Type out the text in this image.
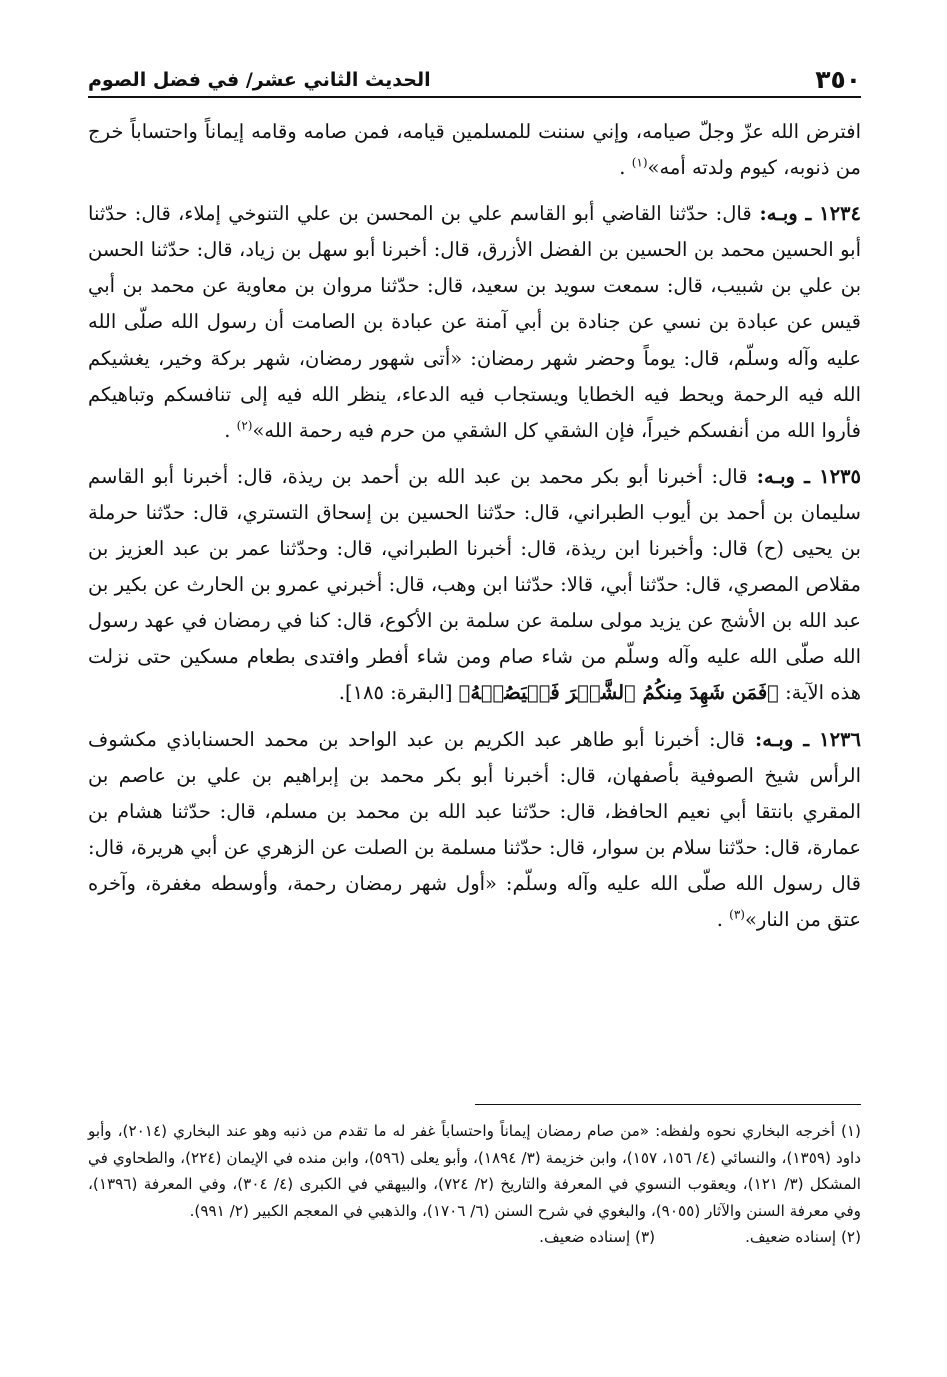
٣٥٠
الحديث الثاني عشر/ في فضل الصوم

افترض الله عزّ وجلّ صيامه، وإني سننت للمسلمين قيامه، فمن صامه وقامه إيماناً واحتساباً خرج من ذنوبه، كيوم ولدته أمه»$^{(١)}$ .

١٢٣٤ ـ وبـه: قال: حدّثنا القاضي أبو القاسم علي بن المحسن بن علي التنوخي إملاء، قال: حدّثنا أبو الحسين محمد بن الحسين بن الفضل الأزرق، قال: أخبرنا أبو سهل بن زياد، قال: حدّثنا الحسن بن علي بن شبيب، قال: سمعت سويد بن سعيد، قال: حدّثنا مروان بن معاوية عن محمد بن أبي قيس عن عبادة بن نسي عن جنادة بن أبي آمنة عن عبادة بن الصامت أن رسول الله صلّى الله عليه وآله وسلّم، قال: يوماً وحضر شهر رمضان: «أتى شهور رمضان، شهر بركة وخير، يغشيكم الله فيه الرحمة ويحط فيه الخطايا ويستجاب فيه الدعاء، ينظر الله فيه إلى تنافسكم وتباهيكم فأروا الله من أنفسكم خيراً، فإن الشقي كل الشقي من حرم فيه رحمة الله»$^{(٢)}$ .

١٢٣٥ ـ وبـه: قال: أخبرنا أبو بكر محمد بن عبد الله بن أحمد بن ريذة، قال: أخبرنا أبو القاسم سليمان بن أحمد بن أيوب الطبراني، قال: حدّثنا الحسين بن إسحاق التستري، قال: حدّثنا حرملة بن يحيى (ح) قال: وأخبرنا ابن ريذة، قال: أخبرنا الطبراني، قال: وحدّثنا عمر بن عبد العزيز بن مقلاص المصري، قال: حدّثنا أبي، قالا: حدّثنا ابن وهب، قال: أخبرني عمرو بن الحارث عن بكير بن عبد الله بن الأشج عن يزيد مولى سلمة عن سلمة بن الأكوع، قال: كنا في رمضان في عهد رسول الله صلّى الله عليه وآله وسلّم من شاء صام ومن شاء أفطر وافتدى بطعام مسكين حتى نزلت هذه الآية: ﴿فَمَن شَهِدَ مِنكُمُ ٱلشَّهۡرَ فَلۡيَصُمۡهُ﴾ [البقرة: ١٨٥].

١٢٣٦ ـ وبـه: قال: أخبرنا أبو طاهر عبد الكريم بن عبد الواحد بن محمد الحسناباذي مكشوف الرأس شيخ الصوفية بأصفهان، قال: أخبرنا أبو بكر محمد بن إبراهيم بن علي بن عاصم بن المقري بانتقا أبي نعيم الحافظ، قال: حدّثنا عبد الله بن محمد بن مسلم، قال: حدّثنا هشام بن عمارة، قال: حدّثنا سلام بن سوار، قال: حدّثنا مسلمة بن الصلت عن الزهري عن أبي هريرة، قال: قال رسول الله صلّى الله عليه وآله وسلّم: «أول شهر رمضان رحمة، وأوسطه مغفرة، وآخره عتق من النار»$^{(٣)}$ .

(١) أخرجه البخاري نحوه ولفظه: «من صام رمضان إيماناً واحتساباً غفر له ما تقدم من ذنبه وهو عند البخاري (٢٠١٤)، وأبو داود (١٣٥٩)، والنسائي (٤/ ١٥٦، ١٥٧)، وابن خزيمة (٣/ ١٨٩٤)، وأبو يعلى (٥٩٦)، وابن منده في الإيمان (٢٢٤)، والطحاوي في المشكل (٣/ ١٢١)، ويعقوب النسوي في المعرفة والتاريخ (٢/ ٧٢٤)، والبيهقي في الكبرى (٤/ ٣٠٤)، وفي المعرفة (١٣٩٦)، وفي معرفة السنن والآثار (٩٠٥٥)، والبغوي في شرح السنن (٦/ ١٧٠٦)، والذهبي في المعجم الكبير (٢/ ٩٩١).

(٢) إسناده ضعيف.
(٣) إسناده ضعيف.
